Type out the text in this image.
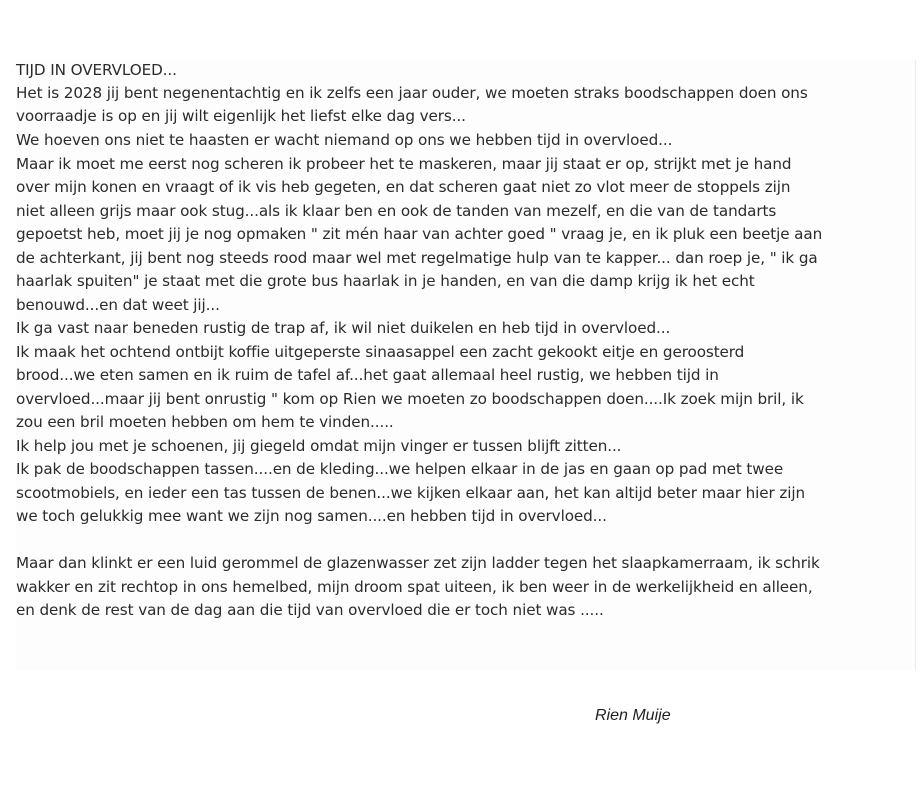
TIJD IN OVERVLOED...
Het is 2028 jij bent negenentachtig en ik zelfs een jaar ouder, we moeten straks boodschappen doen ons
voorraadje is op en jij wilt eigenlijk het liefst elke dag vers...
We hoeven ons niet te haasten er wacht niemand op ons we hebben tijd in overvloed...
Maar ik moet me eerst nog scheren ik probeer het te maskeren, maar jij staat er op, strijkt met je hand
over mijn konen en vraagt of ik vis heb gegeten, en dat scheren gaat niet zo vlot meer de stoppels zijn
niet alleen grijs maar ook stug...als ik klaar ben en ook de tanden van mezelf, en die van de tandarts
gepoetst heb, moet jij je nog opmaken " zit mén haar van achter goed " vraag je, en ik pluk een beetje aan
de achterkant, jij bent nog steeds rood maar wel met regelmatige hulp van te kapper... dan roep je, " ik ga
haarlak spuiten" je staat met die grote bus haarlak in je handen, en van die damp krijg ik het echt
benouwd...en dat weet jij...
Ik ga vast naar beneden rustig de trap af, ik wil niet duikelen en heb tijd in overvloed...
Ik maak het ochtend ontbijt koffie uitgeperste sinaasappel een zacht gekookt eitje en geroosterd
brood...we eten samen en ik ruim de tafel af...het gaat allemaal heel rustig, we hebben tijd in
overvloed...maar jij bent onrustig " kom op Rien we moeten zo boodschappen doen....Ik zoek mijn bril, ik
zou een bril moeten hebben om hem te vinden.....
Ik help jou met je schoenen, jij giegeld omdat mijn vinger er tussen blijft zitten...
Ik pak de boodschappen tassen....en de kleding...we helpen elkaar in de jas en gaan op pad met twee
scootmobiels, en ieder een tas tussen de benen...we kijken elkaar aan, het kan altijd beter maar hier zijn
we toch gelukkig mee want we zijn nog samen....en hebben tijd in overvloed...
Maar dan klinkt er een luid gerommel de glazenwasser zet zijn ladder tegen het slaapkamerraam, ik schrik
wakker en zit rechtop in ons hemelbed, mijn droom spat uiteen, ik ben weer in de werkelijkheid en alleen,
en denk de rest van de dag aan die tijd van overvloed die er toch niet was .....
Rien Muije
